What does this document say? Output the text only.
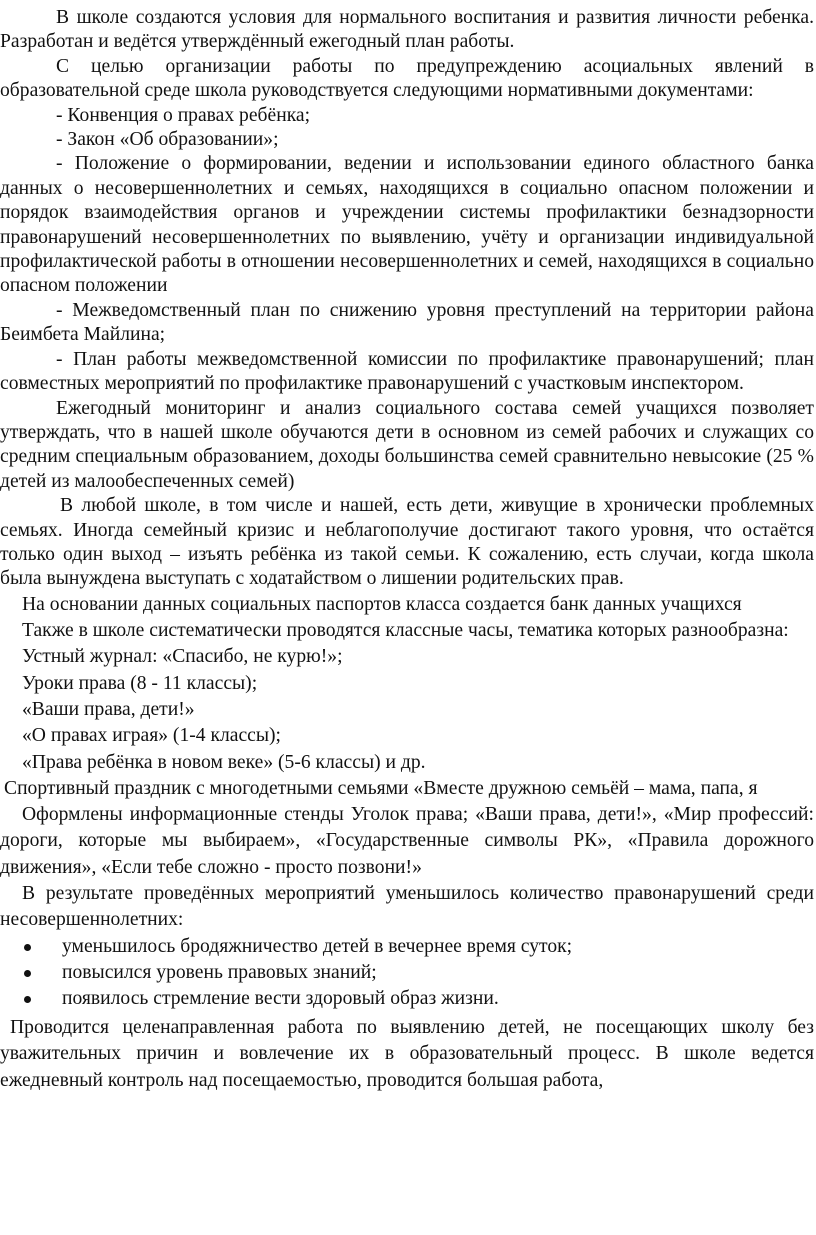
В школе создаются условия для нормального воспитания и развития личности ребенка. Разработан и ведётся утверждённый ежегодный план работы.

С целью организации работы по предупреждению асоциальных явлений в образовательной среде школа руководствуется следующими нормативными документами:

- Конвенция о правах ребёнка;

- Закон «Об образовании»;

- Положение о формировании, ведении и использовании единого областного банка данных о несовершеннолетних и семьях, находящихся в социально опасном положении и порядок взаимодействия органов и учреждении системы профилактики безнадзорности правонарушений несовершеннолетних по выявлению, учёту и организации индивидуальной профилактической работы в отношении несовершеннолетних и семей, находящихся в социально опасном положении

- Межведомственный план по снижению уровня преступлений на территории района Беимбета Майлина;

- План работы межведомственной комиссии по профилактике правонарушений; план совместных мероприятий по профилактике правонарушений с участковым инспектором.

Ежегодный мониторинг и анализ социального состава семей учащихся позволяет утверждать, что в нашей школе обучаются дети в основном из семей рабочих и служащих со средним специальным образованием, доходы большинства семей сравнительно невысокие (25 % детей из малообеспеченных семей)

В любой школе, в том числе и нашей, есть дети, живущие в хронически проблемных семьях. Иногда семейный кризис и неблагополучие достигают такого уровня, что остаётся только один выход – изъять ребёнка из такой семьи. К сожалению, есть случаи, когда школа была вынуждена выступать с ходатайством о лишении родительских прав.

На основании данных социальных паспортов класса создается банк данных учащихся

Также в школе систематически проводятся классные часы, тематика которых разнообразна:

Устный журнал: «Спасибо, не курю!»;

Уроки права (8 - 11 классы);

«Ваши права, дети!»

«О правах играя» (1-4 классы);

«Права ребёнка в новом веке» (5-6 классы) и др.

Спортивный праздник с многодетными семьями «Вместе дружною семьёй – мама, папа, я

Оформлены информационные стенды Уголок права; «Ваши права, дети!», «Мир профессий: дороги, которые мы выбираем», «Государственные символы РК», «Правила дорожного движения», «Если тебе сложно - просто позвони!»

В результате проведённых мероприятий уменьшилось количество правонарушений среди несовершеннолетних:

уменьшилось бродяжничество детей в вечернее время суток;
повысился уровень правовых знаний;
появилось стремление вести здоровый образ жизни.

Проводится целенаправленная работа по выявлению детей, не посещающих школу без уважительных причин и вовлечение их в образовательный процесс. В школе ведется ежедневный контроль над посещаемостью, проводится большая работа,
